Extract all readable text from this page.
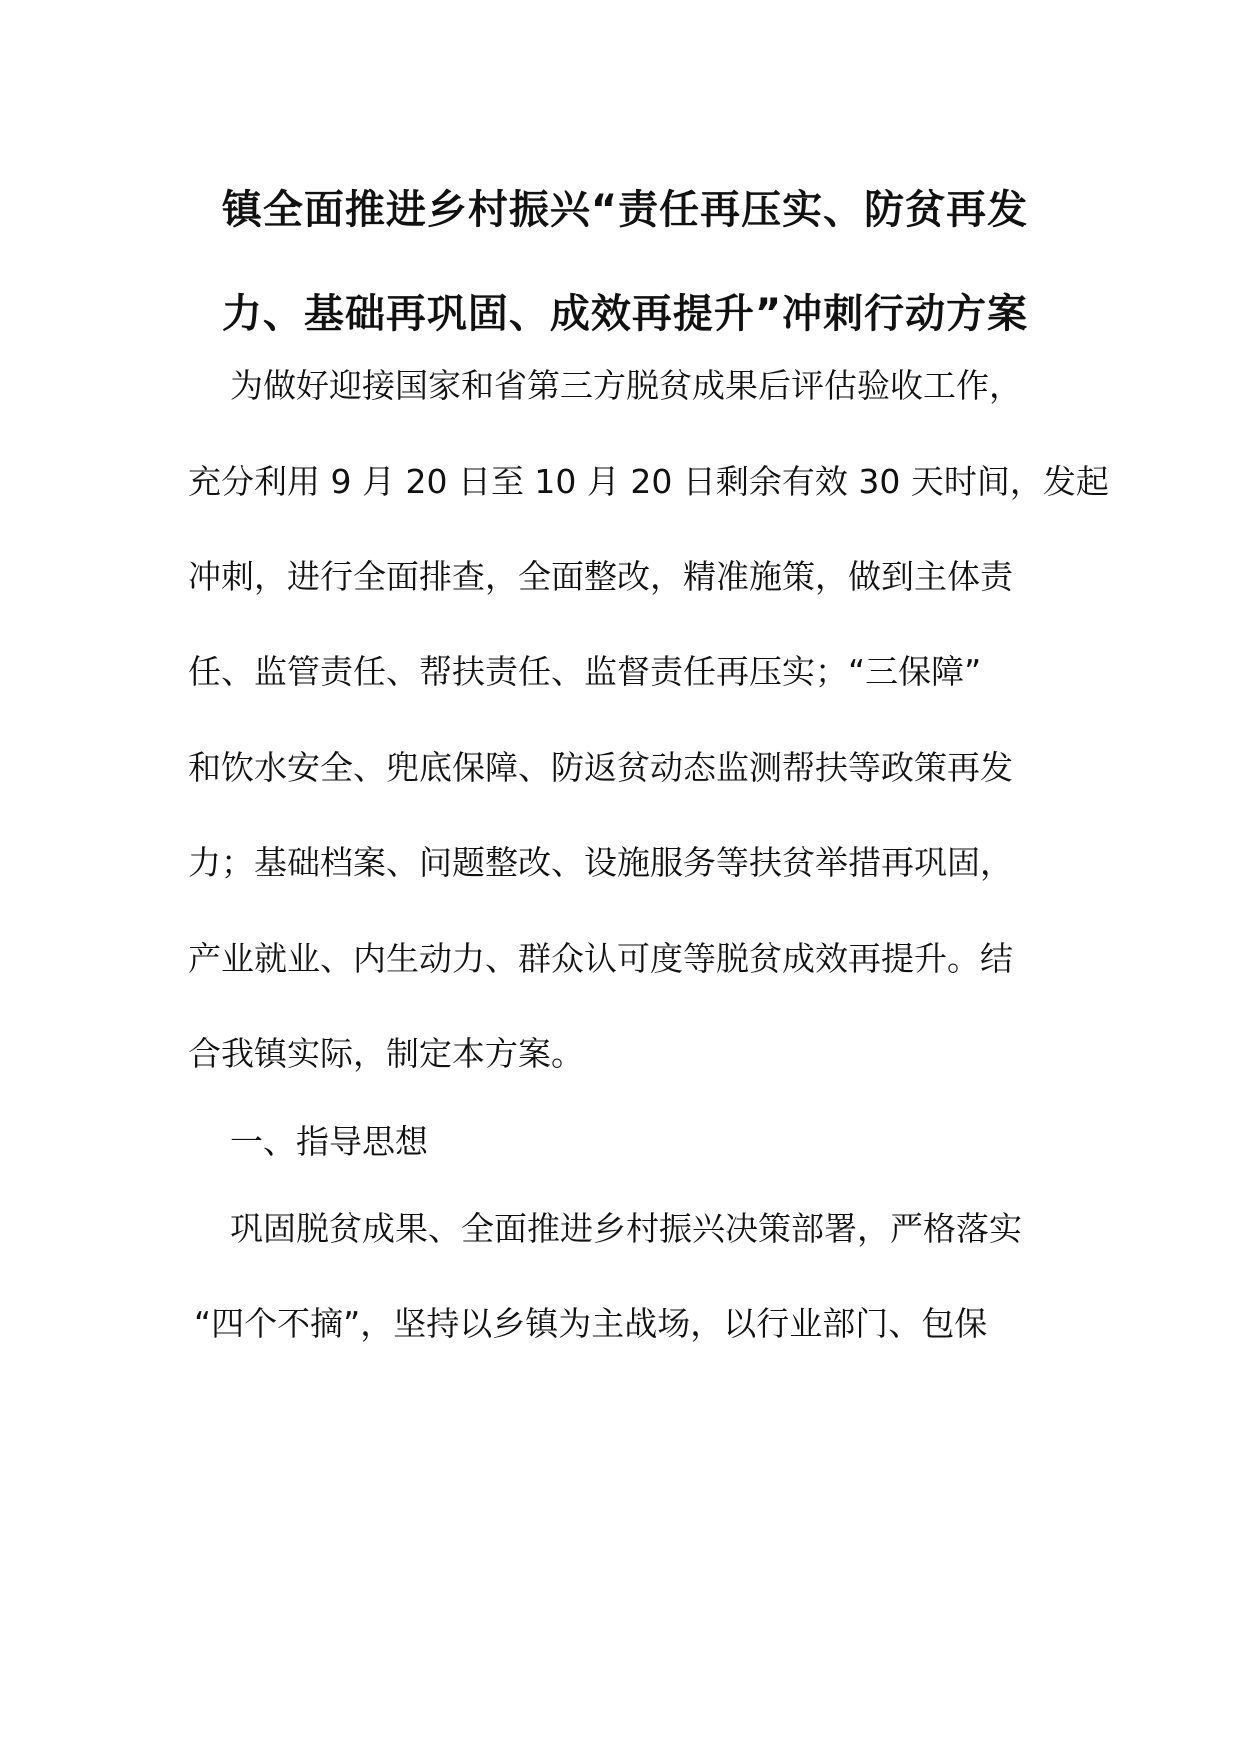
镇全面推进乡村振兴“责任再压实、防贫再发
力、基础再巩固、成效再提升”冲刺行动方案

为做好迎接国家和省第三方脱贫成果后评估验收工作，

充分利用 9 月 20 日至 10 月 20 日剩余有效 30 天时间，发起

冲刺，进行全面排查，全面整改，精准施策，做到主体责

任、监管责任、帮扶责任、监督责任再压实；“三保障”

和饮水安全、兜底保障、防返贫动态监测帮扶等政策再发

力；基础档案、问题整改、设施服务等扶贫举措再巩固，

产业就业、内生动力、群众认可度等脱贫成效再提升。结

合我镇实际，制定本方案。

一、指导思想

巩固脱贫成果、全面推进乡村振兴决策部署，严格落实

“四个不摘”，坚持以乡镇为主战场，以行业部门、包保
